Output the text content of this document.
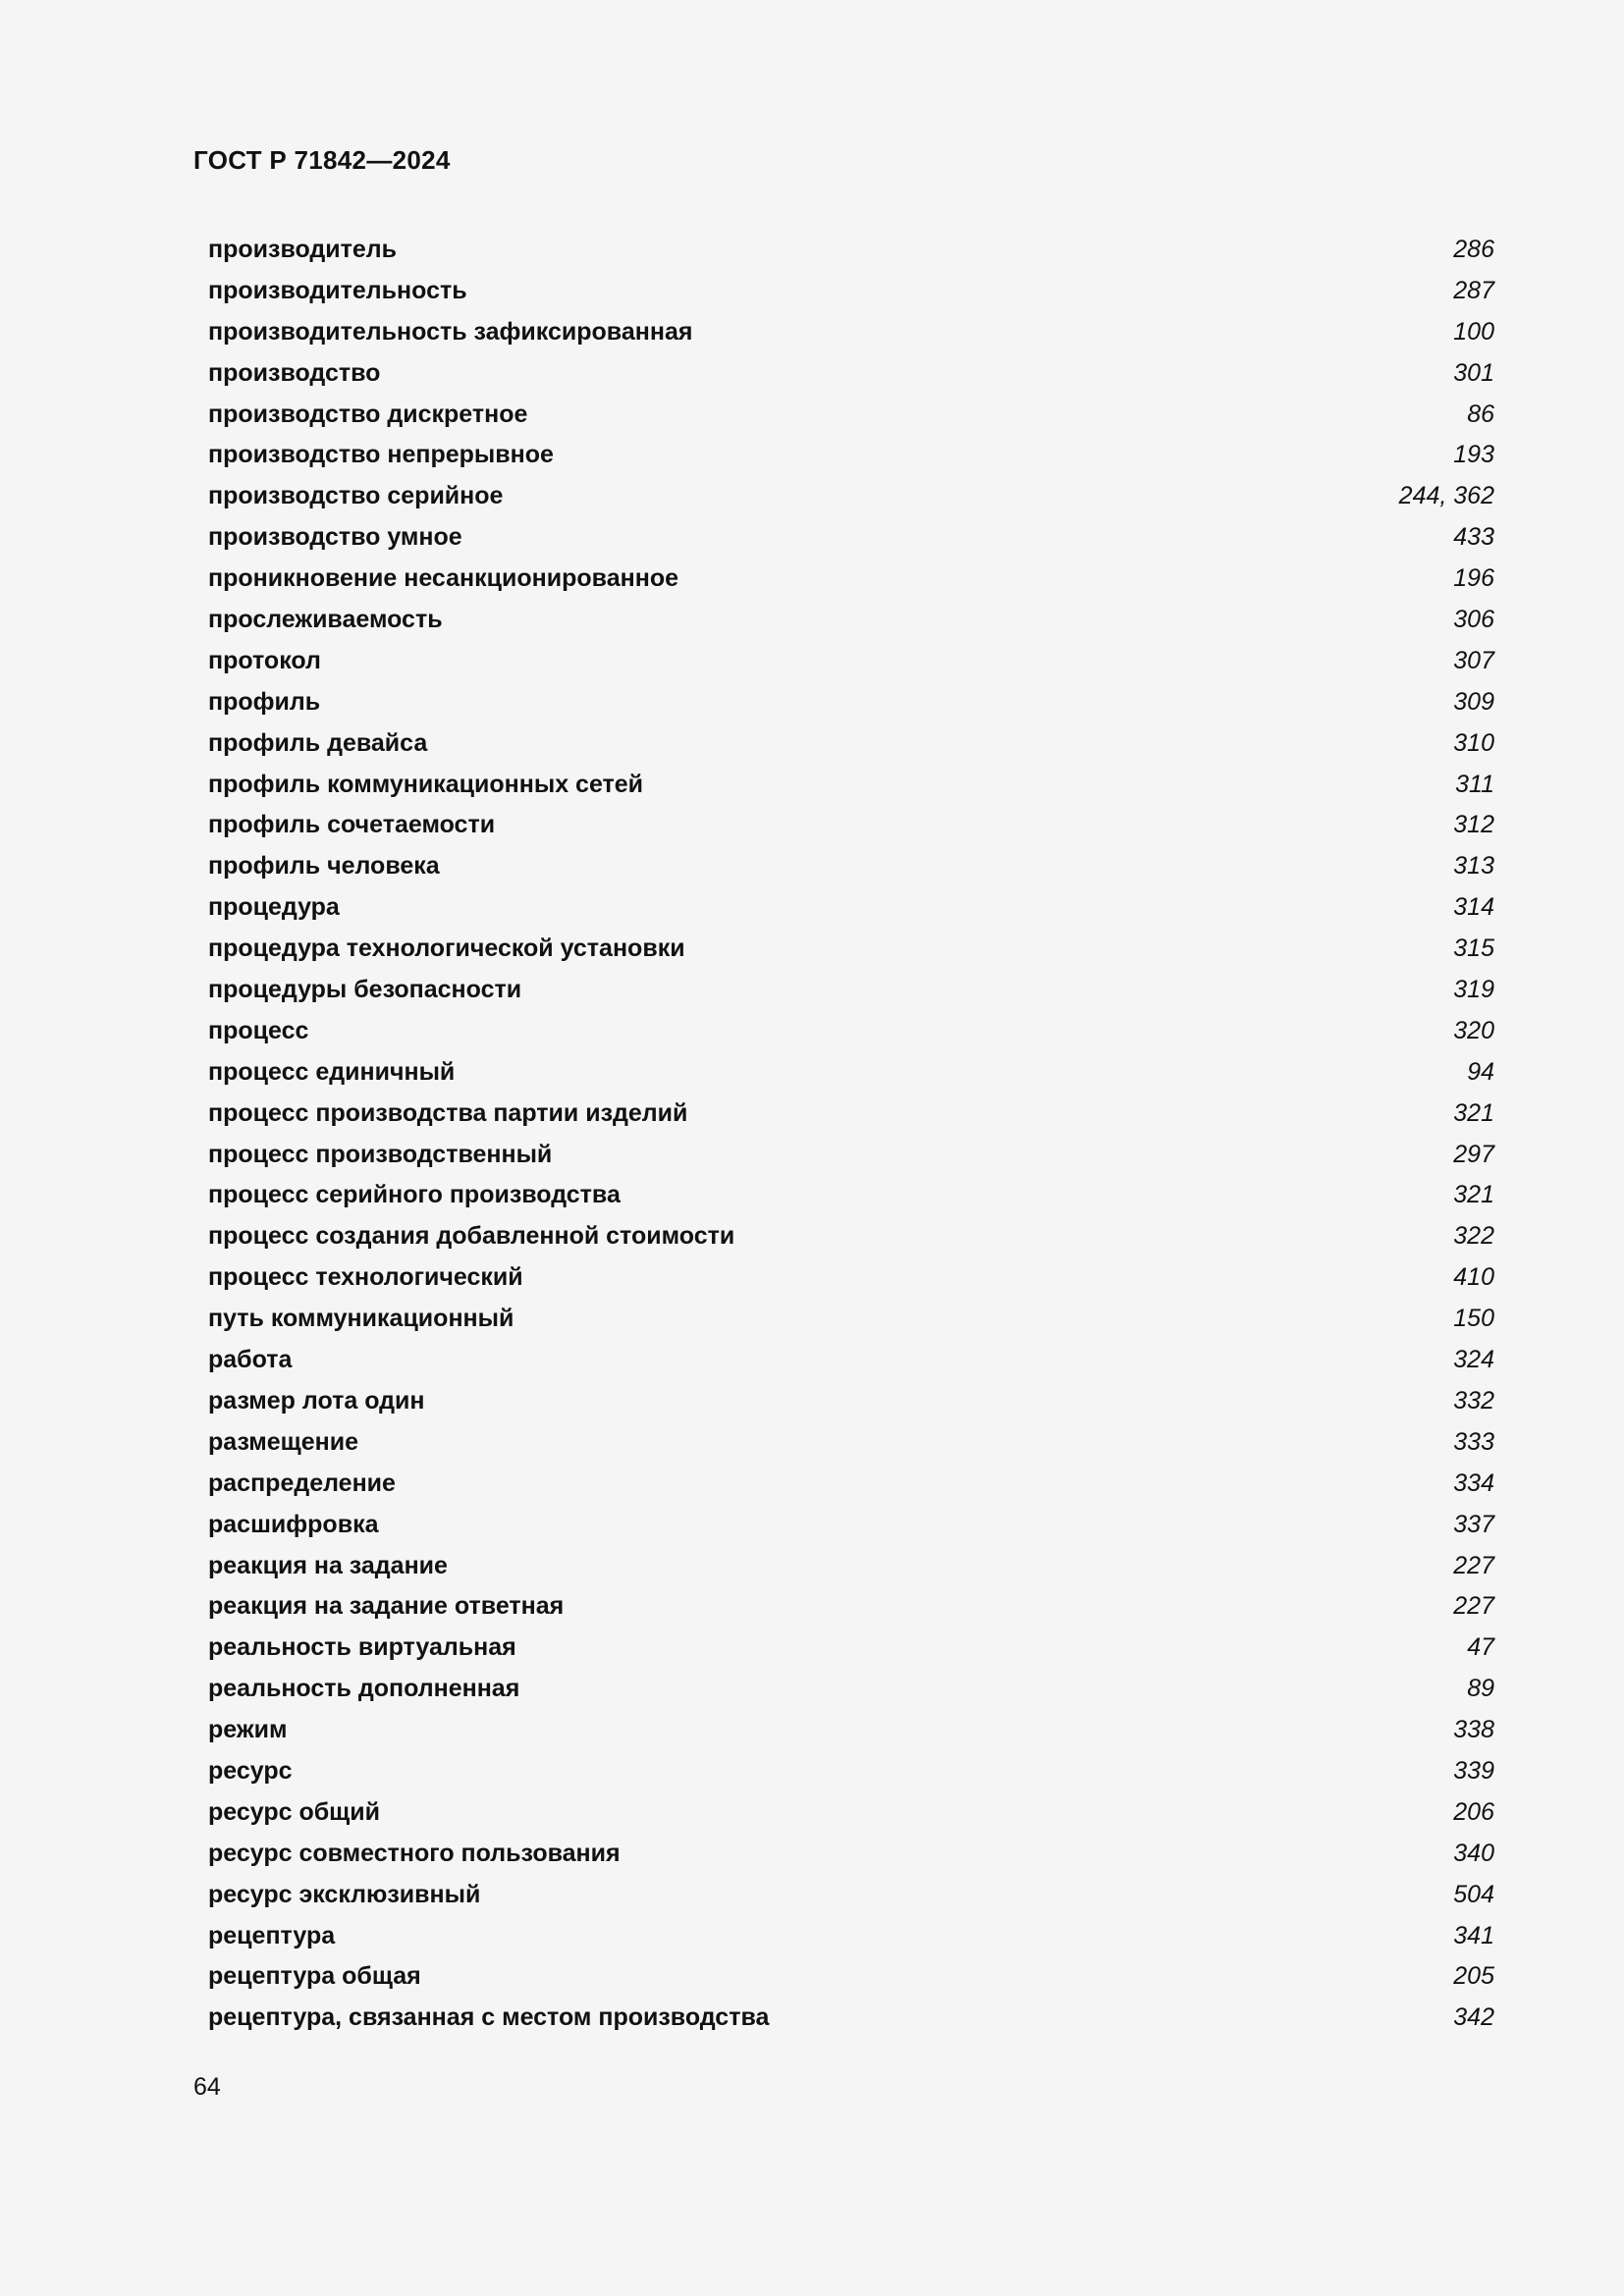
ГОСТ Р 71842—2024
производитель	286
производительность	287
производительность зафиксированная	100
производство	301
производство дискретное	86
производство непрерывное	193
производство серийное	244, 362
производство умное	433
проникновение несанкционированное	196
прослеживаемость	306
протокол	307
профиль	309
профиль девайса	310
профиль коммуникационных сетей	311
профиль сочетаемости	312
профиль человека	313
процедура	314
процедура технологической установки	315
процедуры безопасности	319
процесс	320
процесс единичный	94
процесс производства партии изделий	321
процесс производственный	297
процесс серийного производства	321
процесс создания добавленной стоимости	322
процесс технологический	410
путь коммуникационный	150
работа	324
размер лота один	332
размещение	333
распределение	334
расшифровка	337
реакция на задание	227
реакция на задание ответная	227
реальность виртуальная	47
реальность дополненная	89
режим	338
ресурс	339
ресурс общий	206
ресурс совместного пользования	340
ресурс эксклюзивный	504
рецептура	341
рецептура общая	205
рецептура, связанная с местом производства	342
64
